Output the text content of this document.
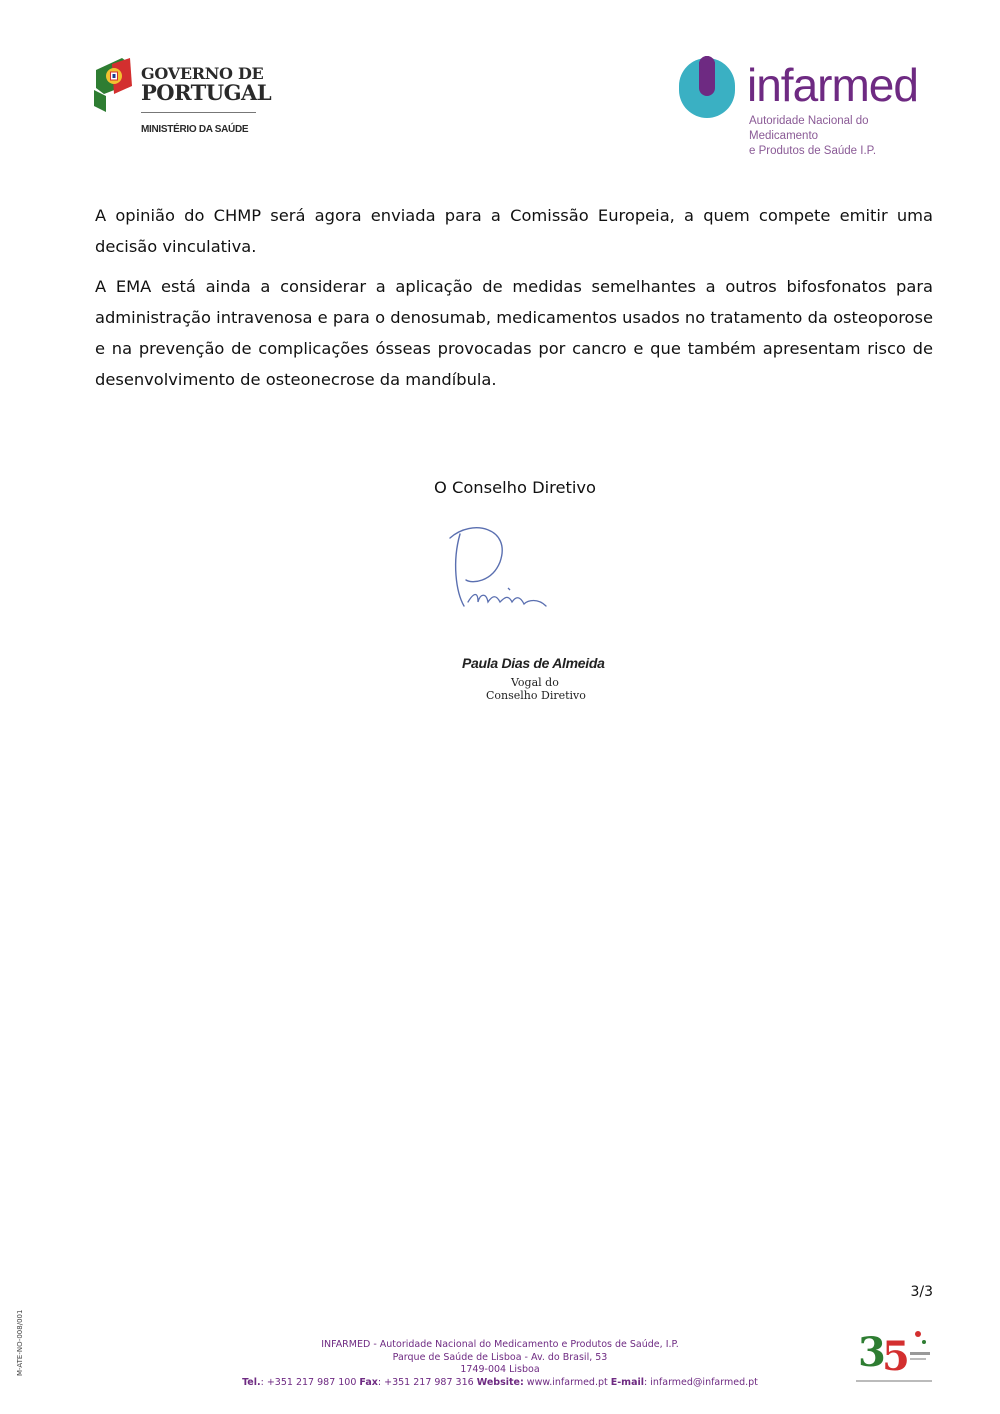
GOVERNO DE
PORTUGAL
MINISTÉRIO DA SAÚDE
infarmed
Autoridade Nacional do Medicamento
e Produtos de Saúde I.P.

A opinião do CHMP será agora enviada para a Comissão Europeia, a quem compete emitir uma decisão vinculativa.

A EMA está ainda a considerar a aplicação de medidas semelhantes a outros bifosfonatos para administração intravenosa e para o denosumab, medicamentos usados no tratamento da osteoporose e na prevenção de complicações ósseas provocadas por cancro e que também apresentam risco de desenvolvimento de osteonecrose da mandíbula.

O Conselho Diretivo
Paula Dias de Almeida
Vogal do
Conselho Diretivo
3/3
M-ATE-NO-008/001	INFARMED - Autoridade Nacional do Medicamento e Produtos de Saúde, I.P.
Parque de Saúde de Lisboa - Av. do Brasil, 53
1749-004 Lisboa
Tel.: +351 217 987 100 Fax: +351 217 987 316 Website: www.infarmed.pt E-mail: infarmed@infarmed.pt
3
5
